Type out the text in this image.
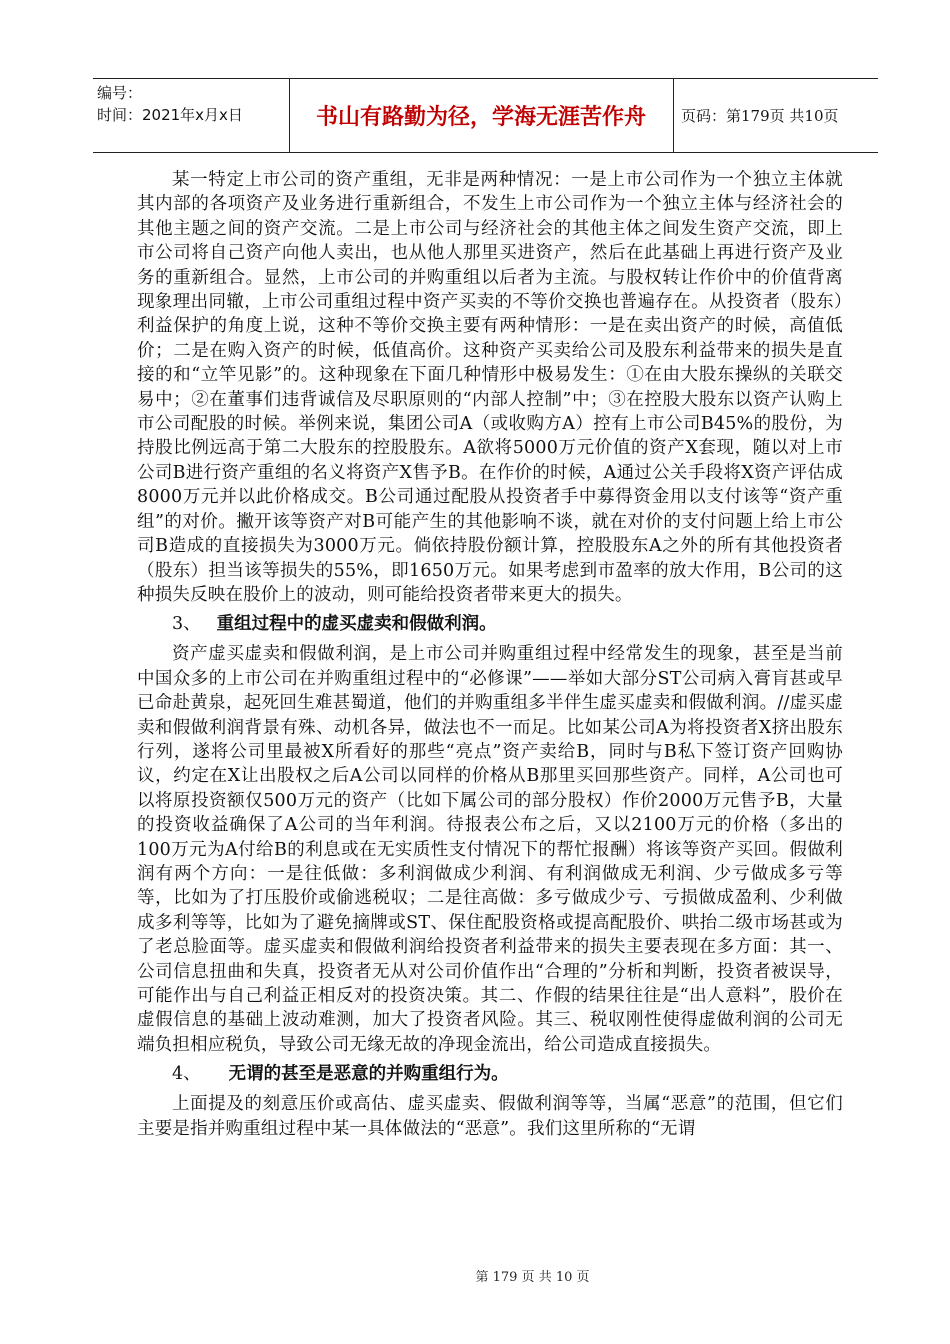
编号：
时间：2021年x月x日	书山有路勤为径，学海无涯苦作舟	页码：第179页 共10页

某一特定上市公司的资产重组，无非是两种情况：一是上市公司作为一个独立主体就其内部的各项资产及业务进行重新组合，不发生上市公司作为一个独立主体与经济社会的其他主题之间的资产交流。二是上市公司与经济社会的其他主体之间发生资产交流，即上市公司将自己资产向他人卖出，也从他人那里买进资产，然后在此基础上再进行资产及业务的重新组合。显然，上市公司的并购重组以后者为主流。与股权转让作价中的价值背离现象理出同辙，上市公司重组过程中资产买卖的不等价交换也普遍存在。从投资者（股东）利益保护的角度上说，这种不等价交换主要有两种情形：一是在卖出资产的时候，高值低价；二是在购入资产的时候，低值高价。这种资产买卖给公司及股东利益带来的损失是直接的和“立竿见影”的。这种现象在下面几种情形中极易发生：①在由大股东操纵的关联交易中；②在董事们违背诚信及尽职原则的“内部人控制”中；③在控股大股东以资产认购上市公司配股的时候。举例来说，集团公司A（或收购方A）控有上市公司B45%的股份，为持股比例远高于第二大股东的控股股东。A欲将5000万元价值的资产X套现，随以对上市公司B进行资产重组的名义将资产X售予B。在作价的时候，A通过公关手段将X资产评估成8000万元并以此价格成交。B公司通过配股从投资者手中募得资金用以支付该等“资产重组”的对价。撇开该等资产对B可能产生的其他影响不谈，就在对价的支付问题上给上市公司B造成的直接损失为3000万元。倘依持股份额计算，控股股东A之外的所有其他投资者（股东）担当该等损失的55%，即1650万元。如果考虑到市盈率的放大作用，B公司的这种损失反映在股价上的波动，则可能给投资者带来更大的损失。

3、 重组过程中的虚买虚卖和假做利润。

资产虚买虚卖和假做利润，是上市公司并购重组过程中经常发生的现象，甚至是当前中国众多的上市公司在并购重组过程中的“必修课”——举如大部分ST公司病入膏肓甚或早已命赴黄泉，起死回生难甚蜀道，他们的并购重组多半伴生虚买虚卖和假做利润。//虚买虚卖和假做利润背景有殊、动机各异，做法也不一而足。比如某公司A为将投资者X挤出股东行列，遂将公司里最被X所看好的那些“亮点”资产卖给B，同时与B私下签订资产回购协议，约定在X让出股权之后A公司以同样的价格从B那里买回那些资产。同样，A公司也可以将原投资额仅500万元的资产（比如下属公司的部分股权）作价2000万元售予B，大量的投资收益确保了A公司的当年利润。待报表公布之后，又以2100万元的价格（多出的100万元为A付给B的利息或在无实质性支付情况下的帮忙报酬）将该等资产买回。假做利润有两个方向：一是往低做：多利润做成少利润、有利润做成无利润、少亏做成多亏等等，比如为了打压股价或偷逃税収；二是往高做：多亏做成少亏、亏损做成盈利、少利做成多利等等，比如为了避免摘牌或ST、保住配股资格或提高配股价、哄抬二级市场甚或为了老总脸面等。虚买虚卖和假做利润给投资者利益带来的损失主要表现在多方面：其一、公司信息扭曲和失真，投资者无从对公司价值作出“合理的”分析和判断，投资者被误导，可能作出与自己利益正相反对的投资决策。其二、作假的结果往往是“出人意料”，股价在虚假信息的基础上波动难测，加大了投资者风险。其三、税収刚性使得虚做利润的公司无端负担相应税负，导致公司无缘无故的净现金流出，给公司造成直接损失。

4、 无谓的甚至是恶意的并购重组行为。

上面提及的刻意压价或高估、虚买虚卖、假做利润等等，当属“恶意”的范围，但它们主要是指并购重组过程中某一具体做法的“恶意”。我们这里所称的“无谓

第 179 页 共 10 页
